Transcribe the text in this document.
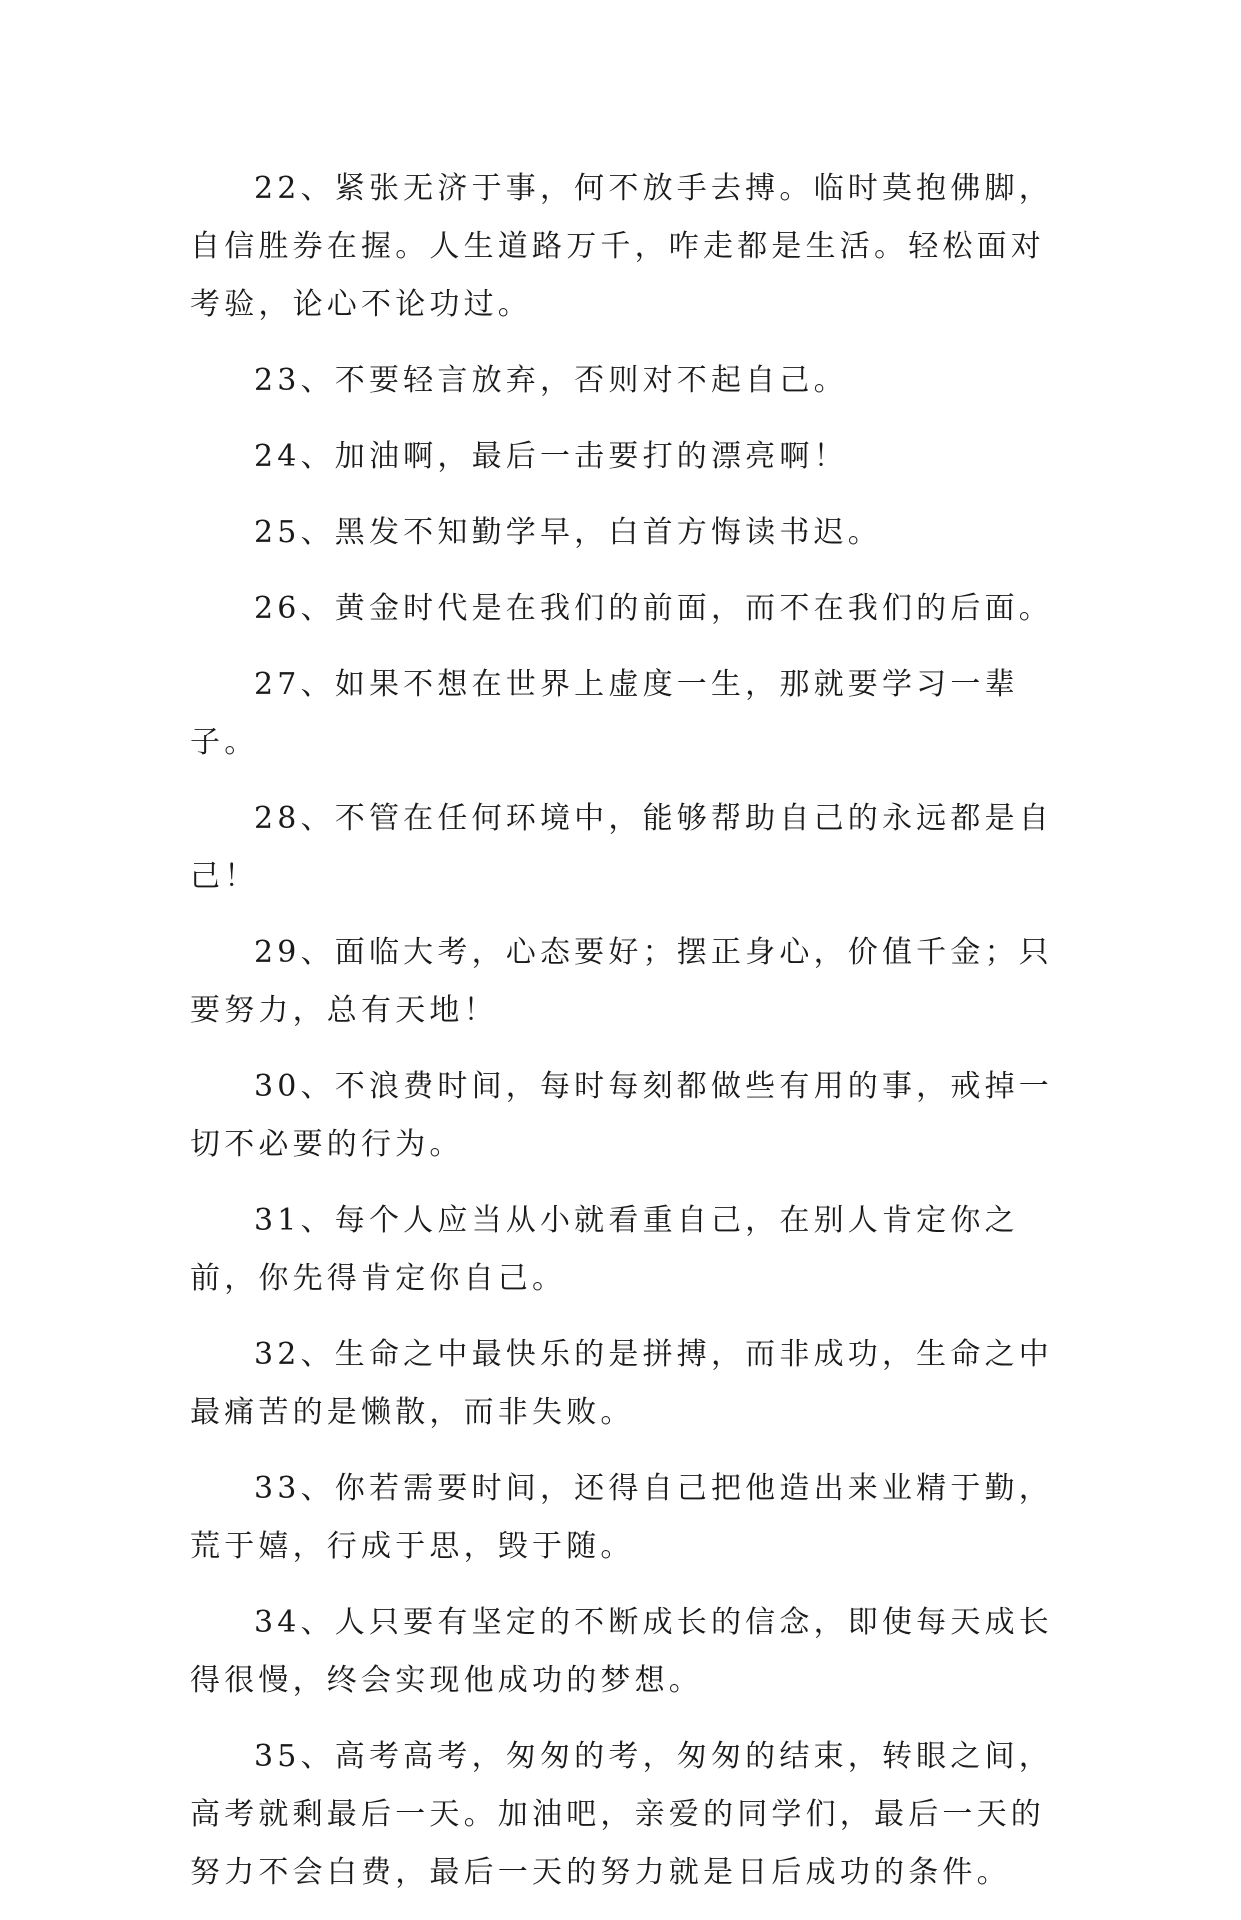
22、紧张无济于事，何不放手去搏。临时莫抱佛脚，自信胜券在握。人生道路万千，咋走都是生活。轻松面对考验，论心不论功过。

23、不要轻言放弃，否则对不起自己。

24、加油啊，最后一击要打的漂亮啊！

25、黑发不知勤学早，白首方悔读书迟。

26、黄金时代是在我们的前面，而不在我们的后面。

27、如果不想在世界上虚度一生，那就要学习一辈子。

28、不管在任何环境中，能够帮助自己的永远都是自己！

29、面临大考，心态要好；摆正身心，价值千金；只要努力，总有天地！

30、不浪费时间，每时每刻都做些有用的事，戒掉一切不必要的行为。

31、每个人应当从小就看重自己，在别人肯定你之前，你先得肯定你自己。

32、生命之中最快乐的是拼搏，而非成功，生命之中最痛苦的是懒散，而非失败。

33、你若需要时间，还得自己把他造出来业精于勤，荒于嬉，行成于思，毁于随。

34、人只要有坚定的不断成长的信念，即使每天成长得很慢，终会实现他成功的梦想。

35、高考高考，匆匆的考，匆匆的结束，转眼之间，高考就剩最后一天。加油吧，亲爱的同学们，最后一天的努力不会白费，最后一天的努力就是日后成功的条件。
